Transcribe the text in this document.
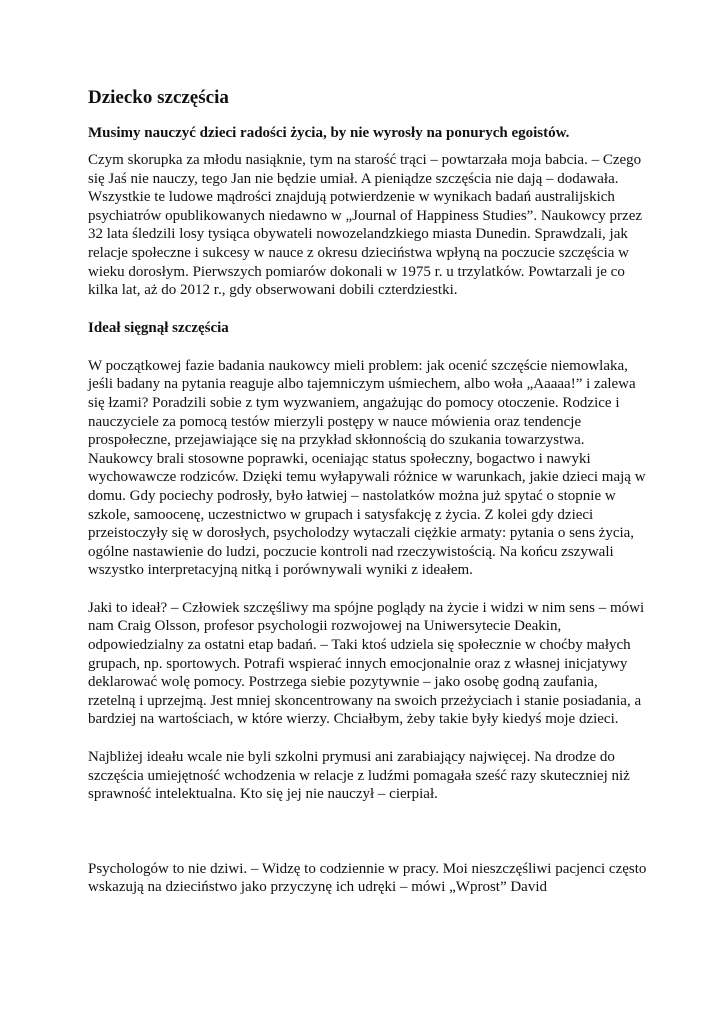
Dziecko szczęścia

Musimy nauczyć dzieci radości życia, by nie wyrosły na ponurych egoistów.

Czym skorupka za młodu nasiąknie, tym na starość trąci – powtarzała moja babcia. – Czego się Jaś nie nauczy, tego Jan nie będzie umiał. A pieniądze szczęścia nie dają – dodawała. Wszystkie te ludowe mądrości znajdują potwierdzenie w wynikach badań australijskich psychiatrów opublikowanych niedawno w „Journal of Happiness Studies”. Naukowcy przez 32 lata śledzili losy tysiąca obywateli nowozelandzkiego miasta Dunedin. Sprawdzali, jak relacje społeczne i sukcesy w nauce z okresu dzieciństwa wpłyną na poczucie szczęścia w wieku dorosłym. Pierwszych pomiarów dokonali w 1975 r. u trzylatków. Powtarzali je co kilka lat, aż do 2012 r., gdy obserwowani dobili czterdziestki.

Ideał sięgnął szczęścia

W początkowej fazie badania naukowcy mieli problem: jak ocenić szczęście niemowlaka, jeśli badany na pytania reaguje albo tajemniczym uśmiechem, albo woła „Aaaaa!” i zalewa się łzami? Poradzili sobie z tym wyzwaniem, angażując do pomocy otoczenie. Rodzice i nauczyciele za pomocą testów mierzyli postępy w nauce mówienia oraz tendencje prospołeczne, przejawiające się na przykład skłonnością do szukania towarzystwa. Naukowcy brali stosowne poprawki, oceniając status społeczny, bogactwo i nawyki wychowawcze rodziców. Dzięki temu wyłapywali różnice w warunkach, jakie dzieci mają w domu. Gdy pociechy podrosły, było łatwiej – nastolatków można już spytać o stopnie w szkole, samoocenę, uczestnictwo w grupach i satysfakcję z życia. Z kolei gdy dzieci przeistoczyły się w dorosłych, psycholodzy wytaczali ciężkie armaty: pytania o sens życia, ogólne nastawienie do ludzi, poczucie kontroli nad rzeczywistością. Na końcu zszywali wszystko interpretacyjną nitką i porównywali wyniki z ideałem.

Jaki to ideał? – Człowiek szczęśliwy ma spójne poglądy na życie i widzi w nim sens – mówi nam Craig Olsson, profesor psychologii rozwojowej na Uniwersytecie Deakin, odpowiedzialny za ostatni etap badań. – Taki ktoś udziela się społecznie w choćby małych grupach, np. sportowych. Potrafi wspierać innych emocjonalnie oraz z własnej inicjatywy deklarować wolę pomocy. Postrzega siebie pozytywnie – jako osobę godną zaufania, rzetelną i uprzejmą. Jest mniej skoncentrowany na swoich przeżyciach i stanie posiadania, a bardziej na wartościach, w które wierzy. Chciałbym, żeby takie były kiedyś moje dzieci.

Najbliżej ideału wcale nie byli szkolni prymusi ani zarabiający najwięcej. Na drodze do szczęścia umiejętność wchodzenia w relacje z ludźmi pomagała sześć razy skuteczniej niż sprawność intelektualna. Kto się jej nie nauczył – cierpiał.

Psychologów to nie dziwi. – Widzę to codziennie w pracy. Moi nieszczęśliwi pacjenci często wskazują na dzieciństwo jako przyczynę ich udręki – mówi „Wprost” David
